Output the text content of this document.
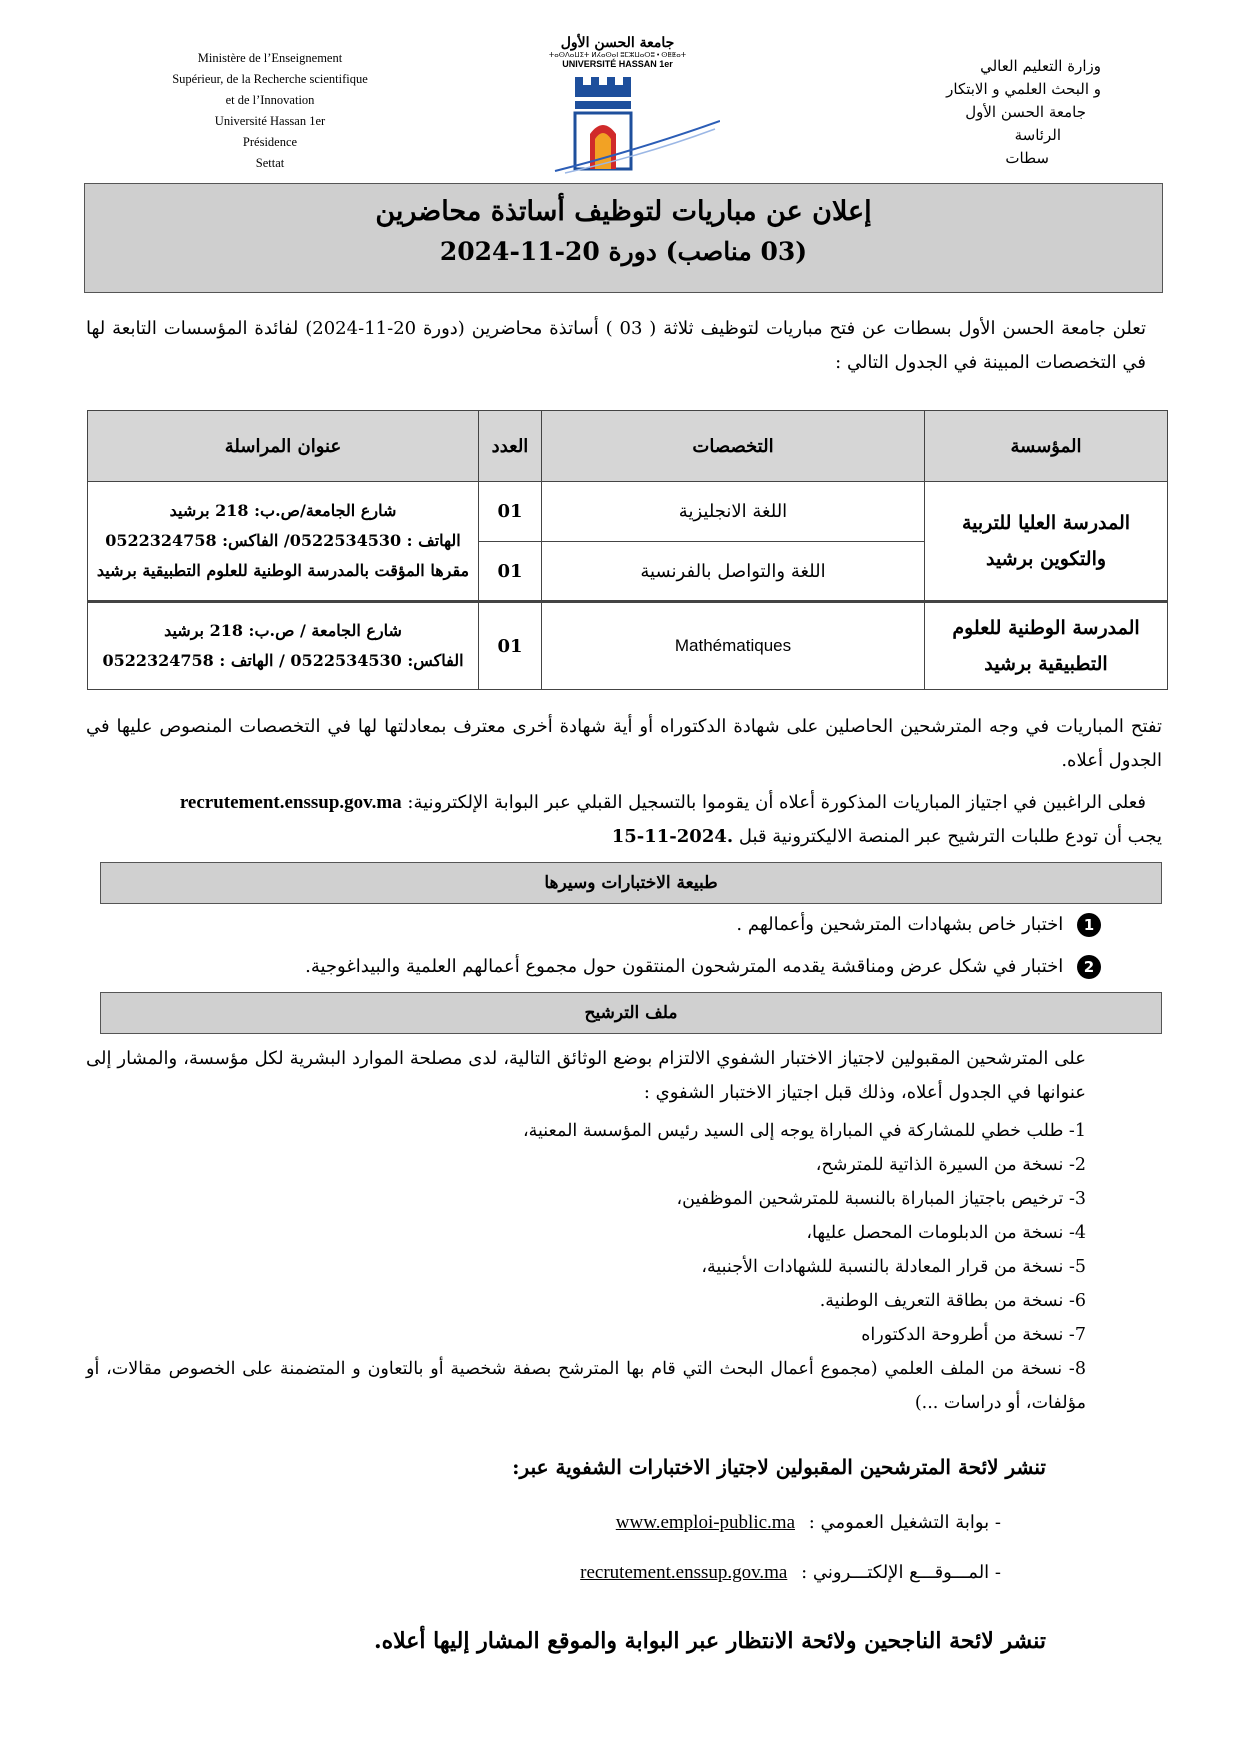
Ministère de l’Enseignement
Supérieur, de la Recherche scientifique
et de l’Innovation
Université Hassan 1er
Présidence
Settat
جامعة الحسن الأول
ⵜⴰⵙⴷⴰⵡⵉⵜ ⵍⵃⴰⵙⴰⵏ ⵓⵎⵣⵡⴰⵔⵓ • ⵙⵟⵟⴰⵜ
UNIVERSITÉ HASSAN 1er	وزارة التعليم العالي
و البحث العلمي و الابتكار
جامعة الحسن الأول
الرئاسة
سطات
إعلان عن مباريات لتوظيف أساتذة محاضرين
(03 مناصب) دورة 20-11-2024
تعلن جامعة الحسن الأول بسطات عن فتح مباريات لتوظيف ثلاثة ( 03 ) أساتذة محاضرين (دورة 20-11-2024) لفائدة المؤسسات التابعة لها في التخصصات المبينة في الجدول التالي :
المؤسسة	التخصصات	العدد	عنوان المراسلة
المدرسة العليا للتربية والتكوين برشيد	اللغة الانجليزية	01	شارع الجامعة/ص.ب: 218 برشيد
الهاتف : 0522534530/ الفاكس: 0522324758
مقرها المؤقت بالمدرسة الوطنية للعلوم التطبيقية برشيد

	اللغة والتواصل بالفرنسية	01	
المدرسة الوطنية للعلوم التطبيقية برشيد	Mathématiques	01	شارع الجامعة / ص.ب: 218 برشيد
الفاكس: 0522534530 / الهاتف : 0522324758
تفتح المباريات في وجه المترشحين الحاصلين على شهادة الدكتوراه أو أية شهادة أخرى معترف بمعادلتها لها في التخصصات المنصوص عليها في الجدول أعلاه.
فعلى الراغبين في اجتياز المباريات المذكورة أعلاه أن يقوموا بالتسجيل القبلي عبر البوابة الإلكترونية: recrutement.enssup.gov.ma
يجب أن تودع طلبات الترشيح عبر المنصة الاليكترونية قبل 15-11-2024.
طبيعة الاختبارات وسيرها
1 اختبار خاص بشهادات المترشحين وأعمالهم .
2 اختبار في شكل عرض ومناقشة يقدمه المترشحون المنتقون حول مجموع أعمالهم العلمية والبيداغوجية.
ملف الترشيح
على المترشحين المقبولين لاجتياز الاختبار الشفوي الالتزام بوضع الوثائق التالية، لدى مصلحة الموارد البشرية لكل مؤسسة، والمشار إلى عنوانها في الجدول أعلاه، وذلك قبل اجتياز الاختبار الشفوي :
1- طلب خطي للمشاركة في المباراة يوجه إلى السيد رئيس المؤسسة المعنية،
2- نسخة من السيرة الذاتية للمترشح،
3- ترخيص باجتياز المباراة بالنسبة للمترشحين الموظفين،
4- نسخة من الدبلومات المحصل عليها،
5- نسخة من قرار المعادلة بالنسبة للشهادات الأجنبية،
6- نسخة من بطاقة التعريف الوطنية.
7- نسخة من أطروحة الدكتوراه
8- نسخة من الملف العلمي (مجموع أعمال البحث التي قام بها المترشح بصفة شخصية أو بالتعاون و المتضمنة على الخصوص مقالات، أو مؤلفات، أو دراسات ...)
تنشر لائحة المترشحين المقبولين لاجتياز الاختبارات الشفوية عبر:
- بوابة التشغيل العمومي : www.emploi-public.ma
- المـــوقـــع الإلكتـــروني : recrutement.enssup.gov.ma
تنشر لائحة الناجحين ولائحة الانتظار عبر البوابة والموقع المشار إليها أعلاه.
